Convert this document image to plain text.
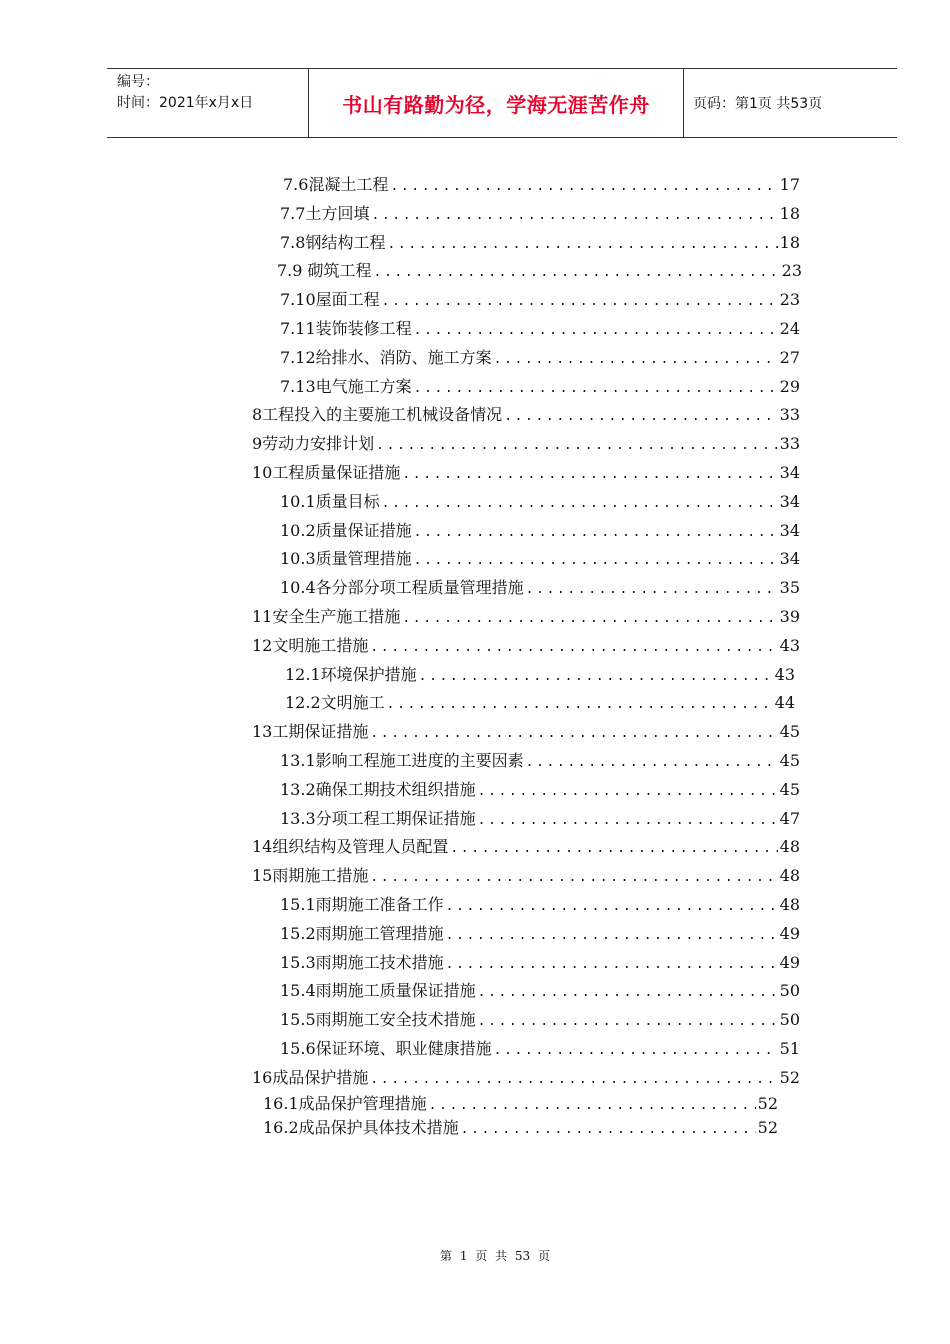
编号：
时间：2021年x月x日	书山有路勤为径，学海无涯苦作舟	页码：第1页 共53页
7.6混凝土工程 .....	17
7.7土方回填 .....	18
7.8钢结构工程 .....	18
7.9 砌筑工程 .....	23
7.10屋面工程 .....	23
7.11装饰装修工程 .....	24
7.12给排水、消防、施工方案 .....	27
7.13电气施工方案 .....	29
8工程投入的主要施工机械设备情况 .....	33
9劳动力安排计划 .....	33
10工程质量保证措施 .....	34
10.1质量目标 .....	34
10.2质量保证措施 .....	34
10.3质量管理措施 .....	34
10.4各分部分项工程质量管理措施 .....	35
11安全生产施工措施 .....	39
12文明施工措施 .....	43
12.1环境保护措施 .....	43
12.2文明施工 .....	44
13工期保证措施 .....	45
13.1影响工程施工进度的主要因素 .....	45
13.2确保工期技术组织措施 .....	45
13.3分项工程工期保证措施 .....	47
14组织结构及管理人员配置 .....	48
15雨期施工措施 .....	48
15.1雨期施工准备工作 .....	48
15.2雨期施工管理措施 .....	49
15.3雨期施工技术措施 .....	49
15.4雨期施工质量保证措施 .....	50
15.5雨期施工安全技术措施 .....	50
15.6保证环境、职业健康措施 .....	51
16成品保护措施 .....	52
16.1成品保护管理措施 .....	52
16.2成品保护具体技术措施 .....	52
第 1 页 共 53 页
